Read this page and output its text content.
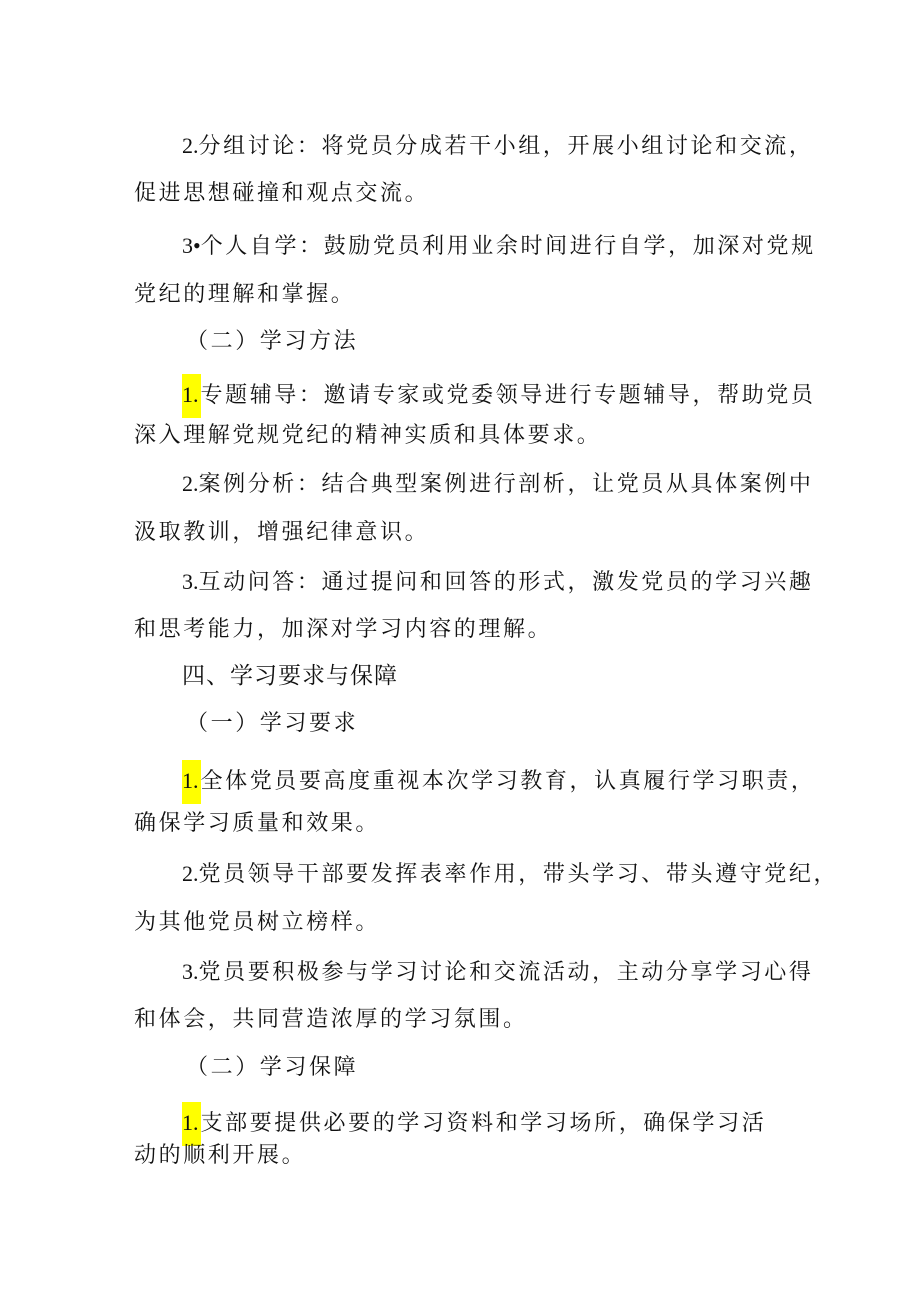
2.分组讨论：将党员分成若干小组，开展小组讨论和交流，
促进思想碰撞和观点交流。
3•个人自学：鼓励党员利用业余时间进行自学，加深对党规
党纪的理解和掌握。
（二）学习方法
1.专题辅导：邀请专家或党委领导进行专题辅导，帮助党员
深入理解党规党纪的精神实质和具体要求。
2.案例分析：结合典型案例进行剖析，让党员从具体案例中
汲取教训，增强纪律意识。
3.互动问答：通过提问和回答的形式，激发党员的学习兴趣
和思考能力，加深对学习内容的理解。
四、学习要求与保障
（一）学习要求
1.全体党员要高度重视本次学习教育，认真履行学习职责，
确保学习质量和效果。
2.党员领导干部要发挥表率作用，带头学习、带头遵守党纪，
为其他党员树立榜样。
3.党员要积极参与学习讨论和交流活动，主动分享学习心得
和体会，共同营造浓厚的学习氛围。
（二）学习保障
1.支部要提供必要的学习资料和学习场所，确保学习活
动的顺利开展。
